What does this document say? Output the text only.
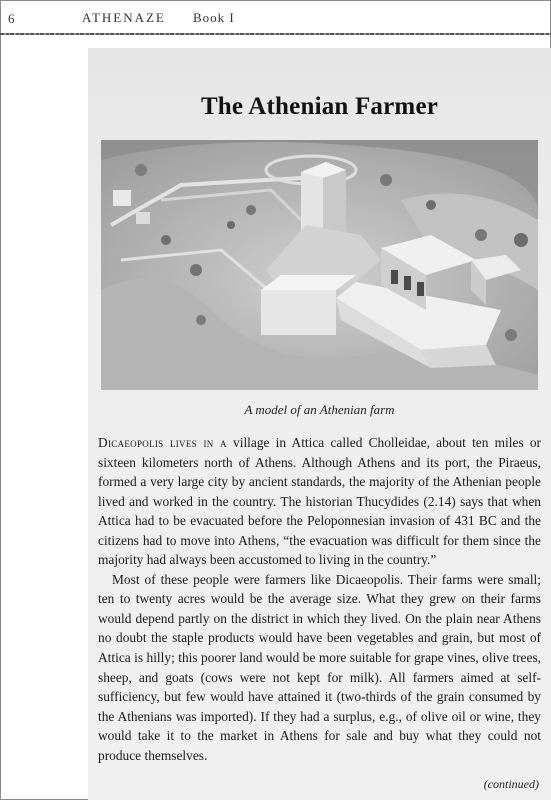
6	ATHENAZE Book I
The Athenian Farmer
A model of an Athenian farm

Dicaeopolis lives in a village in Attica called Cholleidae, about ten miles or sixteen kilometers north of Athens. Although Athens and its port, the Piraeus, formed a very large city by ancient standards, the majority of the Athenian people lived and worked in the country. The historian Thucydides (2.14) says that when Attica had to be evacuated before the Peloponnesian invasion of 431 BC and the citizens had to move into Athens, “the evacuation was difficult for them since the majority had always been accustomed to living in the country.”

Most of these people were farmers like Dicaeopolis. Their farms were small; ten to twenty acres would be the average size. What they grew on their farms would depend partly on the district in which they lived. On the plain near Athens no doubt the staple products would have been vegetables and grain, but most of Attica is hilly; this poorer land would be more suitable for grape vines, olive trees, sheep, and goats (cows were not kept for milk). All farmers aimed at self-sufficiency, but few would have attained it (two-thirds of the grain consumed by the Athenians was imported). If they had a surplus, e.g., of olive oil or wine, they would take it to the market in Athens for sale and buy what they could not produce themselves.

(continued)
